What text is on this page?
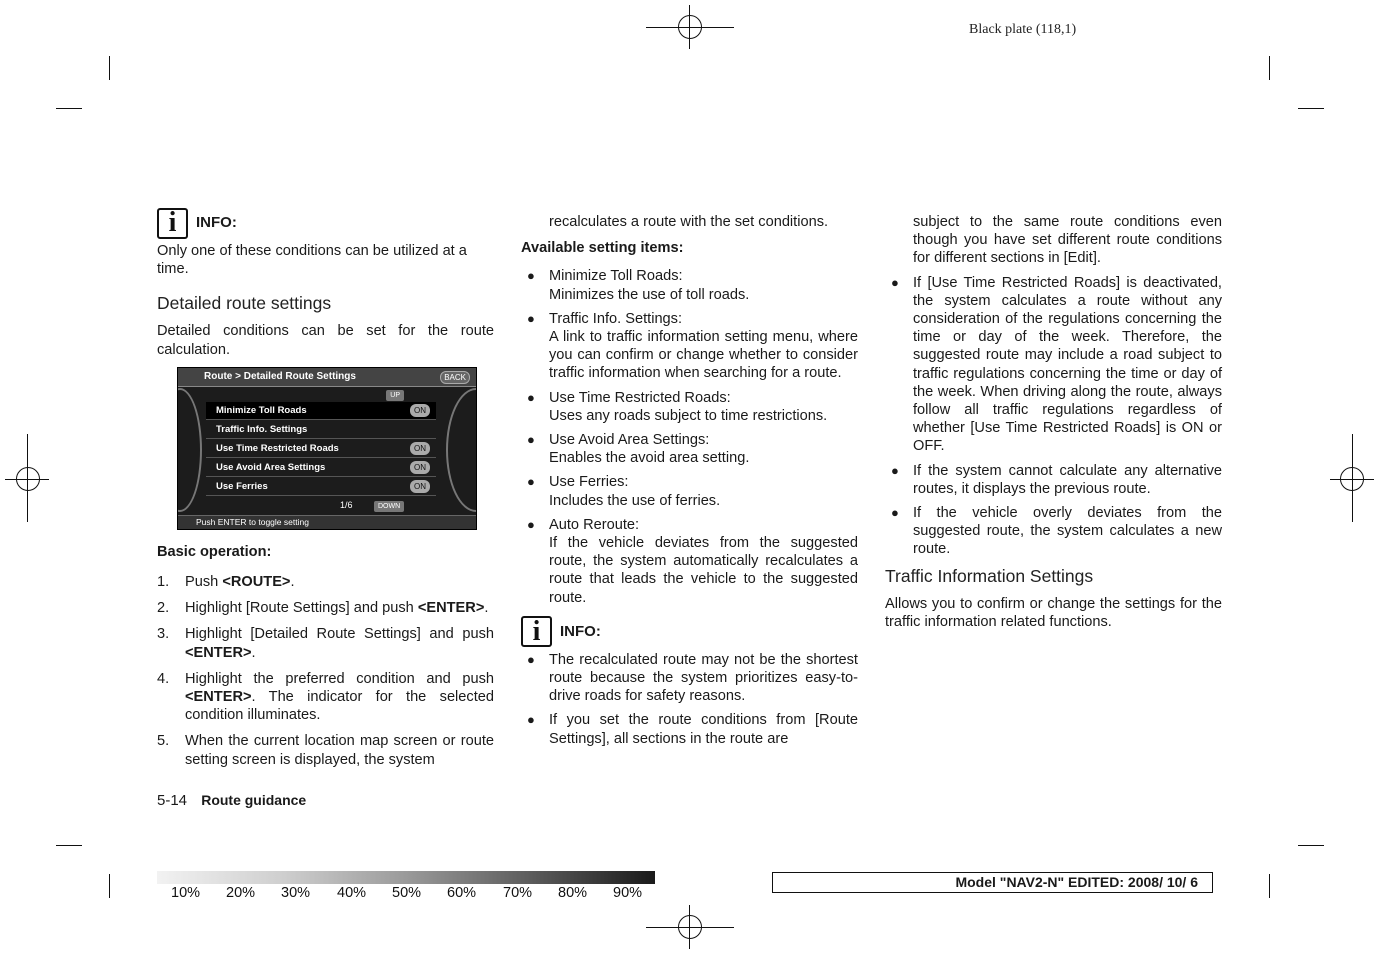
Black plate (118,1)
i	INFO:

Only one of these conditions can be utilized at a time.

Detailed route settings

Detailed conditions can be set for the route calculation.

Route > Detailed Route Settings	BACK
UP
Minimize Toll Roads	ON
Traffic Info. Settings
Use Time Restricted Roads	ON
Use Avoid Area Settings	ON
Use Ferries	ON
1/6	DOWN
Push ENTER to toggle setting

Basic operation:

1. Push <ROUTE>.
2. Highlight [Route Settings] and push <ENTER>.
3. Highlight [Detailed Route Settings] and push <ENTER>.
4. Highlight the preferred condition and push <ENTER>. The indicator for the selected condition illuminates.
5. When the current location map screen or route setting screen is displayed, the system

recalculates a route with the set conditions.

Available setting items:

● Minimize Toll Roads:
Minimizes the use of toll roads.
● Traffic Info. Settings:
A link to traffic information setting menu, where you can confirm or change whether to consider traffic information when searching for a route.
● Use Time Restricted Roads:
Uses any roads subject to time restrictions.
● Use Avoid Area Settings:
Enables the avoid area setting.
● Use Ferries:
Includes the use of ferries.
● Auto Reroute:
If the vehicle deviates from the suggested route, the system automatically recalculates a route that leads the vehicle to the suggested route.
i	INFO:
● The recalculated route may not be the shortest route because the system prioritizes easy-to-drive roads for safety reasons.
● If you set the route conditions from [Route Settings], all sections in the route are

subject to the same route conditions even though you have set different route conditions for different sections in [Edit].

● If [Use Time Restricted Roads] is deactivated, the system calculates a route without any consideration of the regulations concerning the time or day of the week. Therefore, the suggested route may include a road subject to traffic regulations concerning the time or day of the week. When driving along the route, always follow all traffic regulations regardless of whether [Use Time Restricted Roads] is ON or OFF.
● If the system cannot calculate any alternative routes, it displays the previous route.
● If the vehicle overly deviates from the suggested route, the system calculates a new route.
Traffic Information Settings

Allows you to confirm or change the settings for the traffic information related functions.

5-14 Route guidance
10% 20% 30% 40% 50% 60% 70% 80% 90%
Model "NAV2-N" EDITED: 2008/ 10/ 6
